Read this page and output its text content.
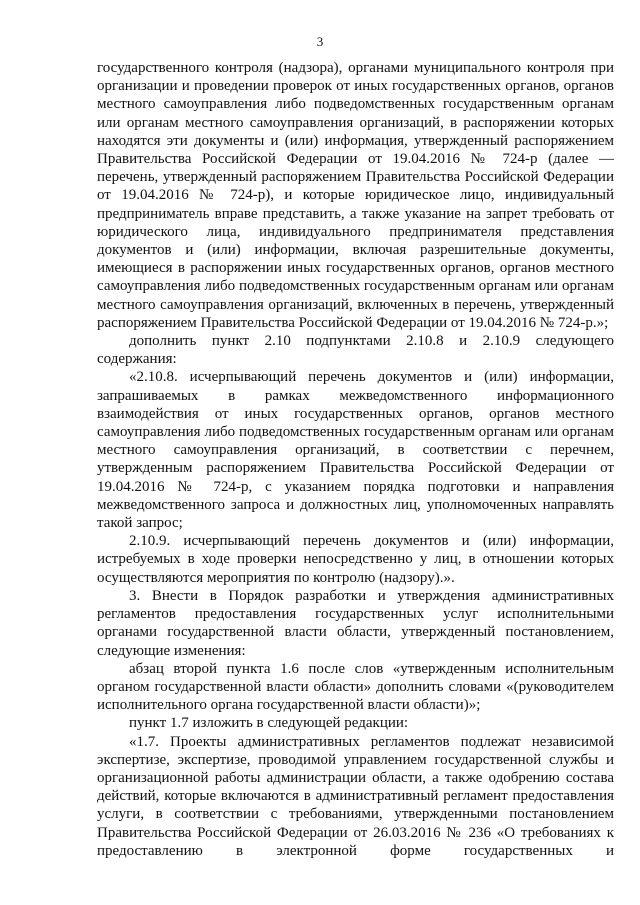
3

государственного контроля (надзора), органами муниципального контроля при организации и проведении проверок от иных государственных органов, органов местного самоуправления либо подведомственных государственным органам или органам местного самоуправления организаций, в распоряжении которых находятся эти документы и (или) информация, утвержденный распоряжением Правительства Российской Федерации от 19.04.2016 № 724-р (далее — перечень, утвержденный распоряжением Правительства Российской Федерации от 19.04.2016 № 724-р), и которые юридическое лицо, индивидуальный предприниматель вправе представить, а также указание на запрет требовать от юридического лица, индивидуального предпринимателя представления документов и (или) информации, включая разрешительные документы, имеющиеся в распоряжении иных государственных органов, органов местного самоуправления либо подведомственных государственным органам или органам местного самоуправления организаций, включенных в перечень, утвержденный распоряжением Правительства Российской Федерации от 19.04.2016 № 724-р.»;

дополнить пункт 2.10 подпунктами 2.10.8 и 2.10.9 следующего содержания:

«2.10.8. исчерпывающий перечень документов и (или) информации, запрашиваемых в рамках межведомственного информационного взаимодействия от иных государственных органов, органов местного самоуправления либо подведомственных государственным органам или органам местного самоуправления организаций, в соответствии с перечнем, утвержденным распоряжением Правительства Российской Федерации от 19.04.2016 № 724-р, с указанием порядка подготовки и направления межведомственного запроса и должностных лиц, уполномоченных направлять такой запрос;

2.10.9. исчерпывающий перечень документов и (или) информации, истребуемых в ходе проверки непосредственно у лиц, в отношении которых осуществляются мероприятия по контролю (надзору).».

3. Внести в Порядок разработки и утверждения административных регламентов предоставления государственных услуг исполнительными органами государственной власти области, утвержденный постановлением, следующие изменения:

абзац второй пункта 1.6 после слов «утвержденным исполнительным органом государственной власти области» дополнить словами «(руководителем исполнительного органа государственной власти области)»;

пункт 1.7 изложить в следующей редакции:

«1.7. Проекты административных регламентов подлежат независимой экспертизе, экспертизе, проводимой управлением государственной службы и организационной работы администрации области, а также одобрению состава действий, которые включаются в административный регламент предоставления услуги, в соответствии с требованиями, утвержденными постановлением Правительства Российской Федерации от 26.03.2016 № 236 «О требованиях к предоставлению в электронной форме государственных и
